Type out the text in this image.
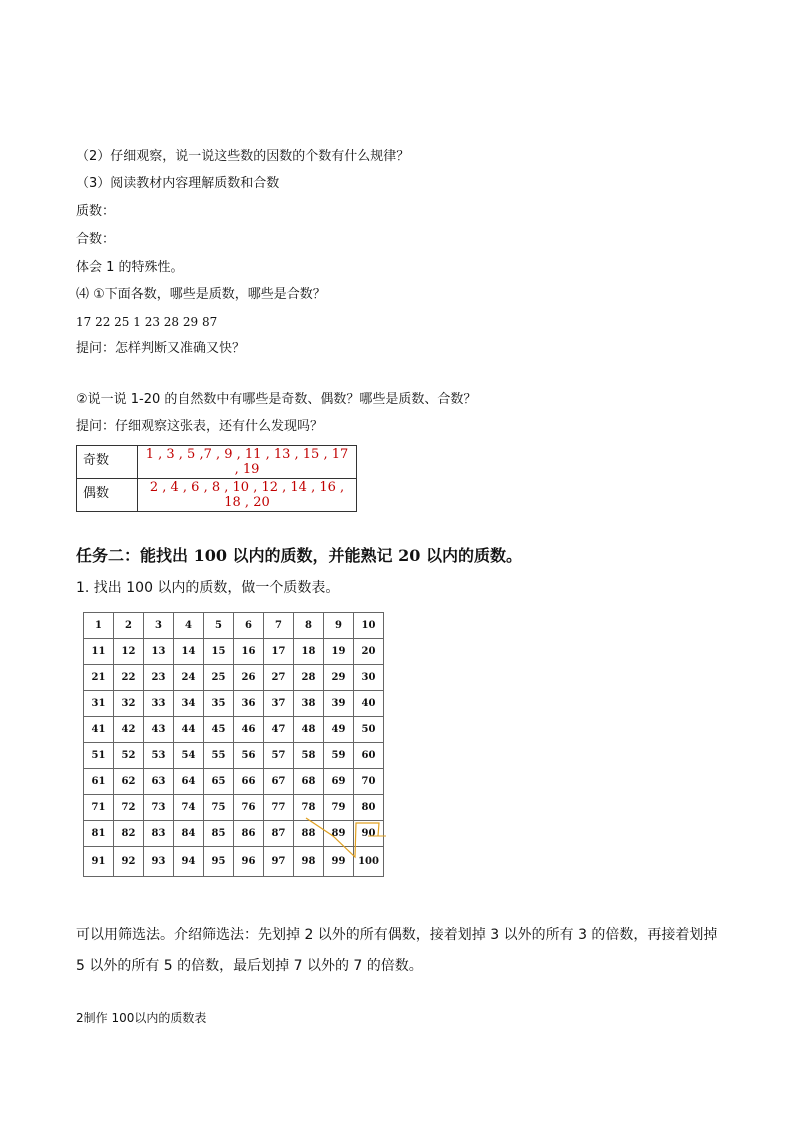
（2）仔细观察，说一说这些数的因数的个数有什么规律？
（3）阅读教材内容理解质数和合数
质数：
合数：
体会 1 的特殊性。
⑷ ①下面各数，哪些是质数，哪些是合数？
17 22 25 1 23 28 29 87
提问：怎样判断又准确又快？
②说一说 1-20 的自然数中有哪些是奇数、偶数？哪些是质数、合数？
提问：仔细观察这张表，还有什么发现吗？
奇数	1 , 3 , 5 ,7 , 9 , 11 , 13 , 15 , 17 , 19
偶数	2 , 4 , 6 , 8 , 10 , 12 , 14 , 16 , 18 , 20
任务二：能找出 100 以内的质数，并能熟记 20 以内的质数。
1. 找出 100 以内的质数，做一个质数表。
1	2	3	4	5	6	7	8	9	10
11	12	13	14	15	16	17	18	19	20
21	22	23	24	25	26	27	28	29	30
31	32	33	34	35	36	37	38	39	40
41	42	43	44	45	46	47	48	49	50
51	52	53	54	55	56	57	58	59	60
61	62	63	64	65	66	67	68	69	70
71	72	73	74	75	76	77	78	79	80
81	82	83	84	85	86	87	88	89	90
91	92	93	94	95	96	97	98	99	100
可以用筛选法。介绍筛选法：先划掉 2 以外的所有偶数，接着划掉 3 以外的所有 3 的倍数，再接着划掉 5 以外的所有 5 的倍数，最后划掉 7 以外的 7 的倍数。
2制作 100以内的质数表
